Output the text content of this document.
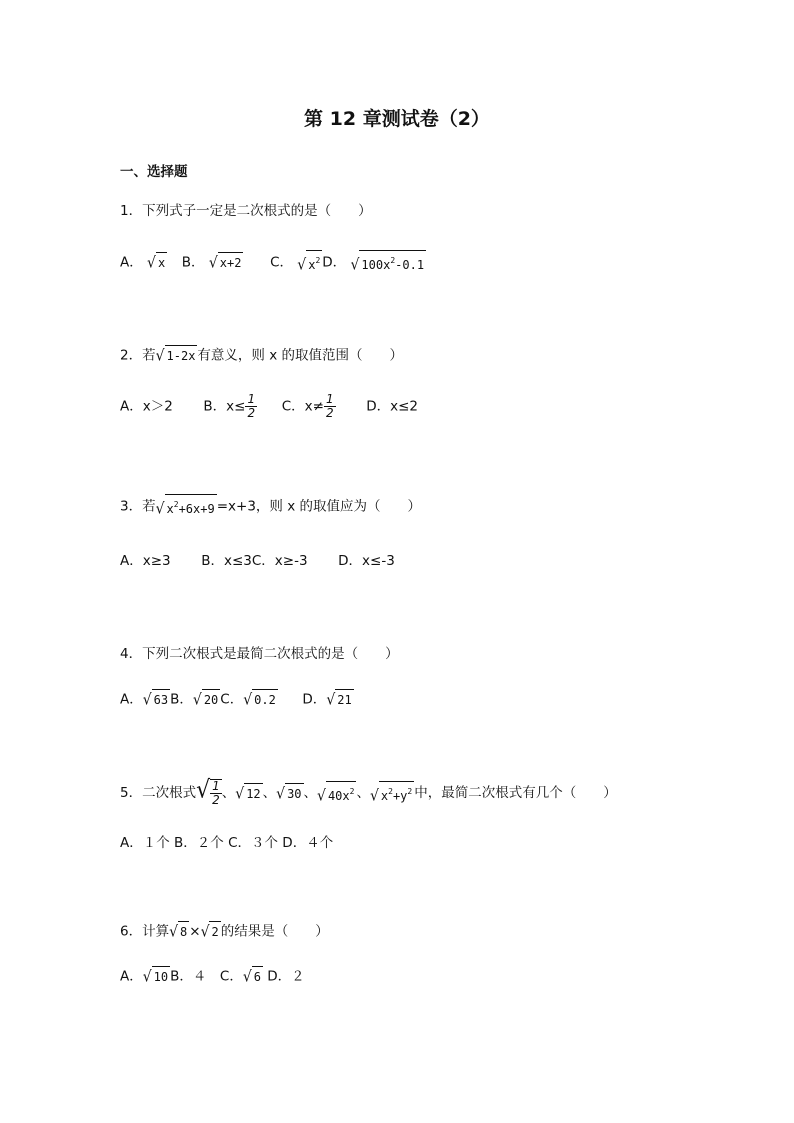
第 12 章测试卷（2）
一、选择题
1．下列式子一定是二次根式的是（　　）
A． √ x B． √ x+2 C． √ $x^2$ D． √ $100x^2-0.1$
2．若√ 1-2x 有意义，则 x 的取值范围（　　）
A．x＞2 B．$x\le \frac{1}{2}$ C．$x\ne \frac{1}{2}$ D．x≤2
3．若√ $x^2+6x+9 =x+3$，则 x 的取值应为（　　）
A．x≥3 B．x≤3C．x≥-3 D．x≤-3
4．下列二次根式是最简二次根式的是（　　）
A．√ 63 B．√ 20 C．√ 0.2 D．√ 21
5．二次根式√ $\frac{1}{2}$ 、√ 12 、√ 30 、√ $40x^2$ 、√ $x^2+y^2$ 中，最简二次根式有几个（　　）
A．１个 B．２个 C．３个 D．４个
6．计算√ 8 ×√ 2 的结果是（　　）
A．√ 10 B．４　C．√ 6 D．２
